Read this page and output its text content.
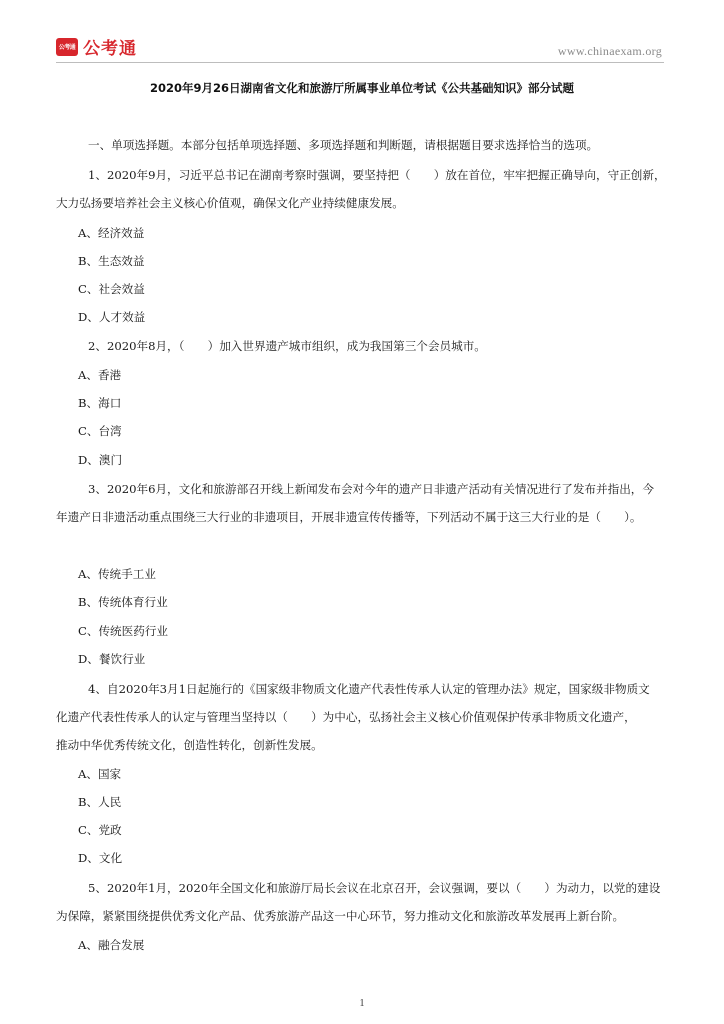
公考通 公考通	www.chinaexam.org
2020年9月26日湖南省文化和旅游厅所属事业单位考试《公共基础知识》部分试题
一、单项选择题。本部分包括单项选择题、多项选择题和判断题，请根据题目要求选择恰当的选项。
1、2020年9月，习近平总书记在湖南考察时强调，要坚持把（　　）放在首位，牢牢把握正确导向，守正创新，
大力弘扬要培养社会主义核心价值观，确保文化产业持续健康发展。
A、经济效益
B、生态效益
C、社会效益
D、人才效益
2、2020年8月，（　　）加入世界遗产城市组织，成为我国第三个会员城市。
A、香港
B、海口
C、台湾
D、澳门
3、2020年6月，文化和旅游部召开线上新闻发布会对今年的遗产日非遗产活动有关情况进行了发布并指出，今
年遗产日非遗活动重点围绕三大行业的非遗项目，开展非遗宣传传播等，下列活动不属于这三大行业的是（　　）。
A、传统手工业
B、传统体育行业
C、传统医药行业
D、餐饮行业
4、自2020年3月1日起施行的《国家级非物质文化遗产代表性传承人认定的管理办法》规定，国家级非物质文
化遗产代表性传承人的认定与管理当坚持以（　　）为中心，弘扬社会主义核心价值观保护传承非物质文化遗产，
推动中华优秀传统文化，创造性转化，创新性发展。
A、国家
B、人民
C、党政
D、文化
5、2020年1月，2020年全国文化和旅游厅局长会议在北京召开，会议强调，要以（　　）为动力，以党的建设
为保障，紧紧围绕提供优秀文化产品、优秀旅游产品这一中心环节，努力推动文化和旅游改革发展再上新台阶。
A、融合发展
1
